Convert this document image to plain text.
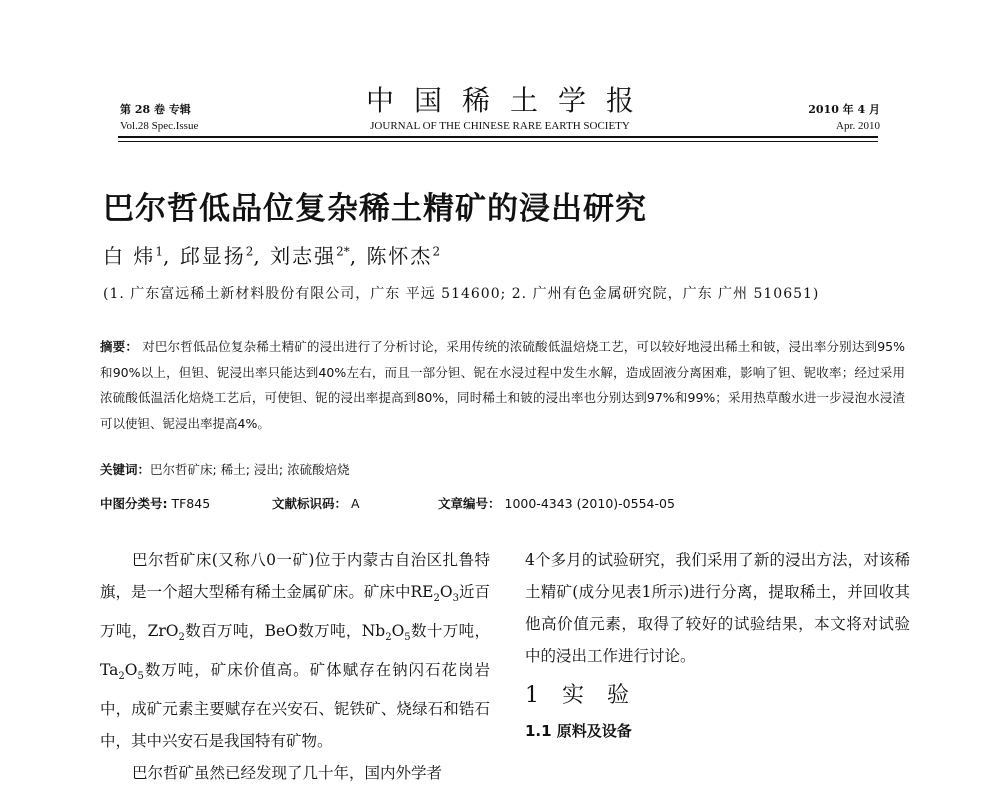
第 28 卷 专辑
Vol.28 Spec.Issue
中国稀土学报
JOURNAL OF THE CHINESE RARE EARTH SOCIETY
2010 年 4 月
Apr. 2010
巴尔哲低品位复杂稀土精矿的浸出研究
白 炜$^1$, 邱显扬$^2$, 刘志强$^{2*}$, 陈怀杰$^2$
(1. 广东富远稀土新材料股份有限公司，广东 平远 514600; 2. 广州有色金属研究院，广东 广州 510651)
摘要： 对巴尔哲低品位复杂稀土精矿的浸出进行了分析讨论，采用传统的浓硫酸低温焙烧工艺，可以较好地浸出稀土和铍，浸出率分别达到95%和90%以上，但钽、铌浸出率只能达到40%左右，而且一部分钽、铌在水浸过程中发生水解，造成固液分离困难，影响了钽、铌收率；经过采用浓硫酸低温活化焙烧工艺后，可使钽、铌的浸出率提高到80%，同时稀土和铍的浸出率也分别达到97%和99%；采用热草酸水进一步浸泡水浸渣可以使钽、铌浸出率提高4%。
关键词：巴尔哲矿床; 稀土; 浸出; 浓硫酸焙烧
中图分类号: TF845	文献标识码： A	文章编号： 1000-4343 (2010)-0554-05

巴尔哲矿床(又称八0一矿)位于内蒙古自治区扎鲁特旗，是一个超大型稀有稀土金属矿床。矿床中$RE_2O_3$近百万吨，ZrO$_2$数百万吨，BeO数万吨，$Nb_2O_5$数十万吨，$Ta_2O_5$数万吨，矿床价值高。矿体赋存在钠闪石花岗岩中，成矿元素主要赋存在兴安石、铌铁矿、烧绿石和锆石中，其中兴安石是我国特有矿物。

巴尔哲矿虽然已经发现了几十年，国内外学者

4个多月的试验研究，我们采用了新的浸出方法，对该稀土精矿(成分见表1所示)进行分离，提取稀土，并回收其他高价值元素，取得了较好的试验结果，本文将对试验中的浸出工作进行讨论。

1 实 验
1.1 原料及设备
